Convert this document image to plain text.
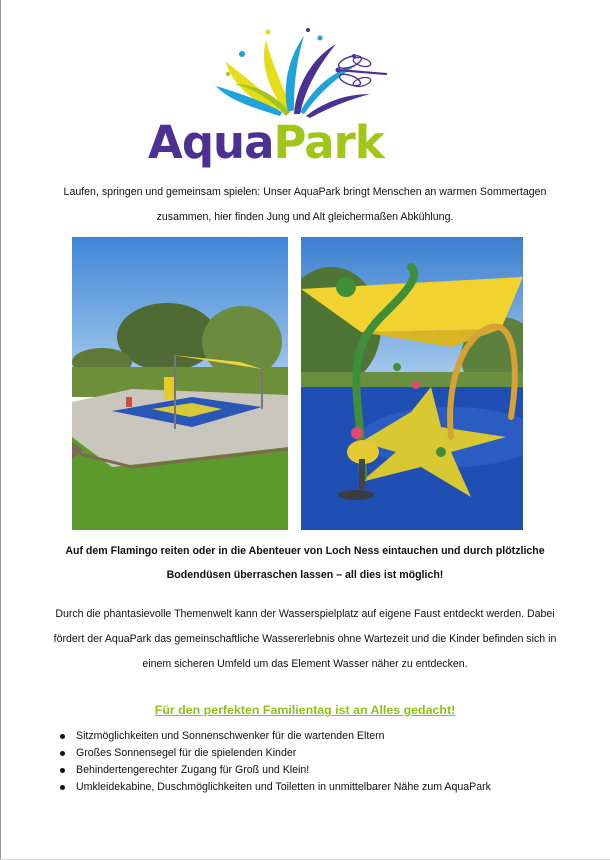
AquaPark

Laufen, springen und gemeinsam spielen: Unser AquaPark bringt Menschen an warmen Sommertagen

zusammen, hier finden Jung und Alt gleichermaßen Abkühlung.

Auf dem Flamingo reiten oder in die Abenteuer von Loch Ness eintauchen und durch plötzliche

Bodendüsen überraschen lassen – all dies ist möglich!

Durch die phantasievolle Themenwelt kann der Wasserspielplatz auf eigene Faust entdeckt werden. Dabei

fördert der AquaPark das gemeinschaftliche Wassererlebnis ohne Wartezeit und die Kinder befinden sich in

einem sicheren Umfeld um das Element Wasser näher zu entdecken.

Für den perfekten Familientag ist an Alles gedacht!
Sitzmöglichkeiten und Sonnenschwenker für die wartenden Eltern
Großes Sonnensegel für die spielenden Kinder
Behindertengerechter Zugang für Groß und Klein!
Umkleidekabine, Duschmöglichkeiten und Toiletten in unmittelbarer Nähe zum AquaPark
